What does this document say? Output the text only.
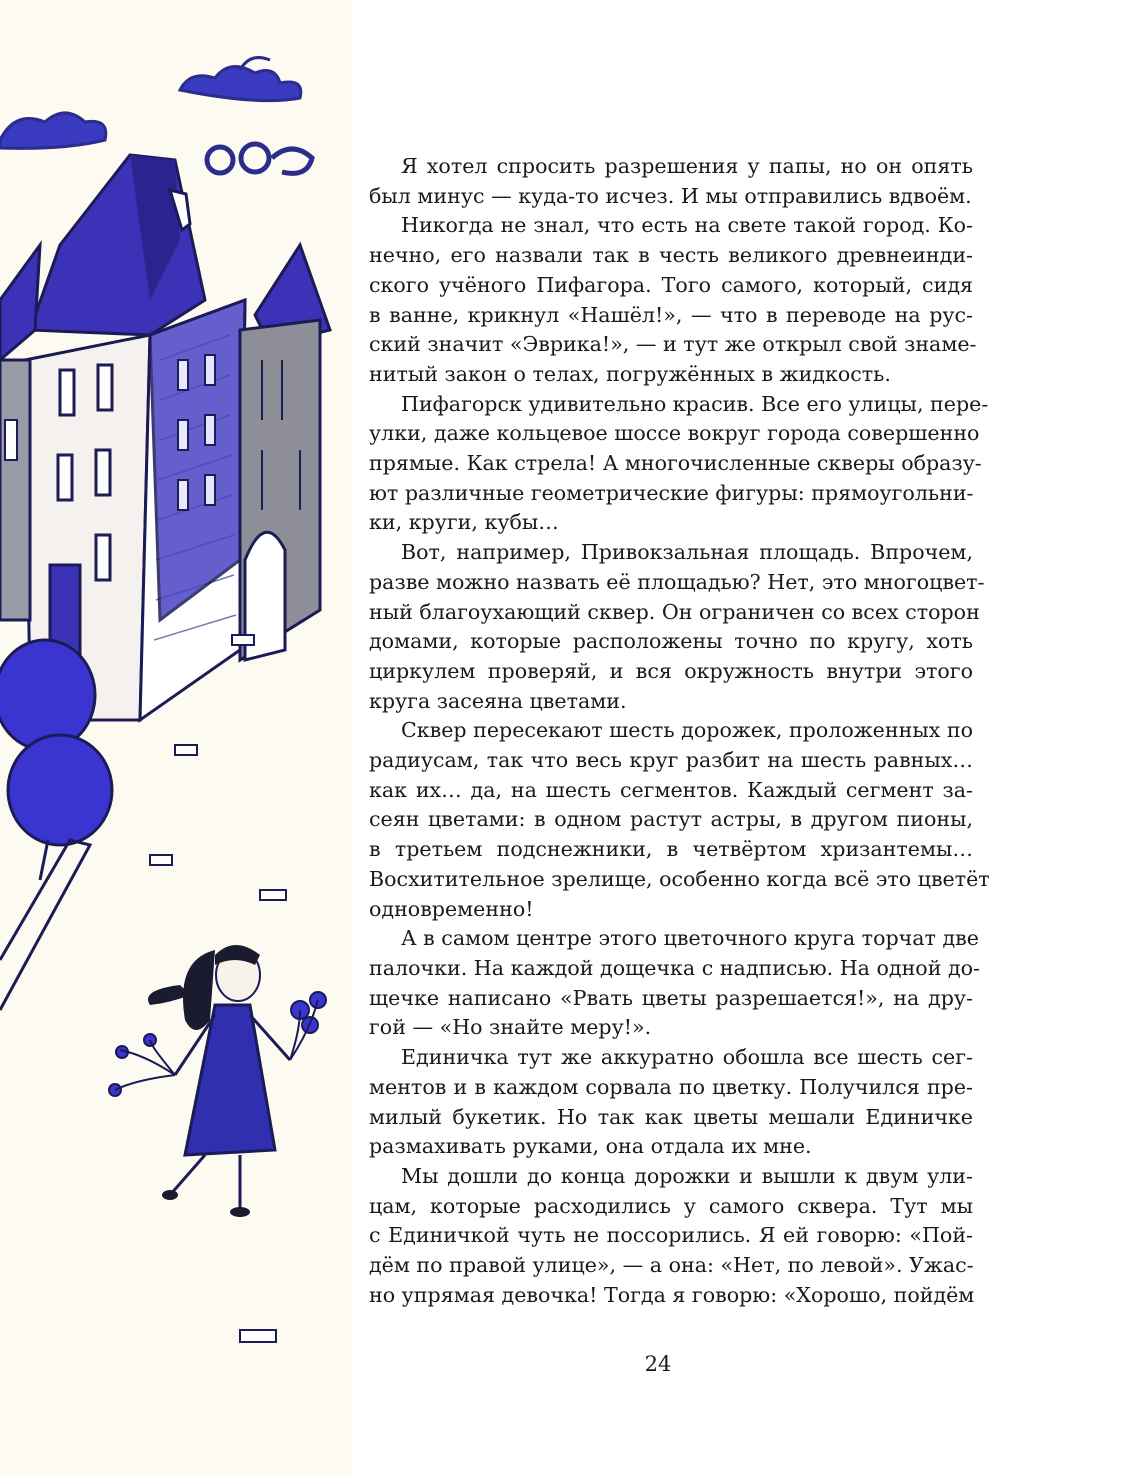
Я хотел спросить разрешения у папы, но он опять
был минус — куда-то исчез. И мы отправились вдвоём.

Никогда не знал, что есть на свете такой город. Ко-
нечно, его назвали так в честь великого древнеинди-
ского учёного Пифагора. Того самого, который, сидя
в ванне, крикнул «Нашёл!», — что в переводе на рус-
ский значит «Эврика!», — и тут же открыл свой знаме-
нитый закон о телах, погружённых в жидкость.

Пифагорск удивительно красив. Все его улицы, пере-
улки, даже кольцевое шоссе вокруг города совершенно
прямые. Как стрела! А многочисленные скверы образу-
ют различные геометрические фигуры: прямоугольни-
ки, круги, кубы…

Вот, например, Привокзальная площадь. Впрочем,
разве можно назвать её площадью? Нет, это многоцвет-
ный благоухающий сквер. Он ограничен со всех сторон
домами, которые расположены точно по кругу, хоть
циркулем проверяй, и вся окружность внутри этого
круга засеяна цветами.

Сквер пересекают шесть дорожек, проложенных по
радиусам, так что весь круг разбит на шесть равных…
как их… да, на шесть сегментов. Каждый сегмент за-
сеян цветами: в одном растут астры, в другом пионы,
в третьем подснежники, в четвёртом хризантемы…
Восхитительное зрелище, особенно когда всё это цветёт
одновременно!

А в самом центре этого цветочного круга торчат две
палочки. На каждой дощечка с надписью. На одной до-
щечке написано «Рвать цветы разрешается!», на дру-
гой — «Но знайте меру!».

Единичка тут же аккуратно обошла все шесть сег-
ментов и в каждом сорвала по цветку. Получился пре-
милый букетик. Но так как цветы мешали Единичке
размахивать руками, она отдала их мне.

Мы дошли до конца дорожки и вышли к двум ули-
цам, которые расходились у самого сквера. Тут мы
с Единичкой чуть не поссорились. Я ей говорю: «Пой-
дём по правой улице», — а она: «Нет, по левой». Ужас-
но упрямая девочка! Тогда я говорю: «Хорошо, пойдём

24
